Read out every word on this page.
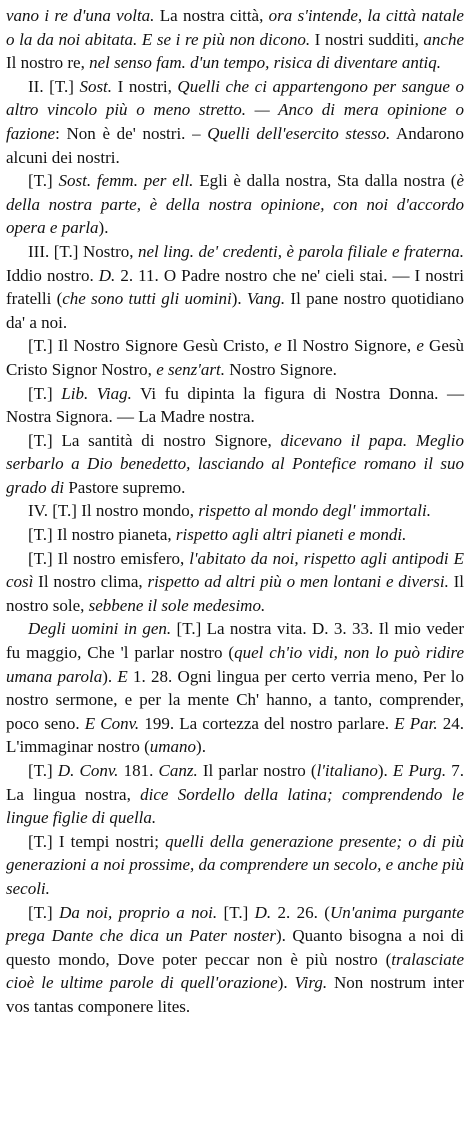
vano i re d'una volta. La nostra città, ora s'intende, la città natale o la da noi abitata. E se i re più non dicono. I nostri sudditi, anche Il nostro re, nel senso fam. d'un tempo, risica di diventare antiq.

II. [T.] Sost. I nostri, Quelli che ci appartengono per sangue o altro vincolo più o meno stretto. — Anco di mera opinione o fazione: Non è de' nostri. – Quelli dell'esercito stesso. Andarono alcuni dei nostri.

[T.] Sost. femm. per ell. Egli è dalla nostra, Sta dalla nostra (è della nostra parte, è della nostra opinione, con noi d'accordo opera e parla).

III. [T.] Nostro, nel ling. de' credenti, è parola filiale e fraterna. Iddio nostro. D. 2. 11. O Padre nostro che ne' cieli stai. — I nostri fratelli (che sono tutti gli uomini). Vang. Il pane nostro quotidiano da' a noi.

[T.] Il Nostro Signore Gesù Cristo, e Il Nostro Signore, e Gesù Cristo Signor Nostro, e senz'art. Nostro Signore.

[T.] Lib. Viag. Vi fu dipinta la figura di Nostra Donna. — Nostra Signora. — La Madre nostra.

[T.] La santità di nostro Signore, dicevano il papa. Meglio serbarlo a Dio benedetto, lasciando al Pontefice romano il suo grado di Pastore supremo.

IV. [T.] Il nostro mondo, rispetto al mondo degl' immortali.

[T.] Il nostro pianeta, rispetto agli altri pianeti e mondi.

[T.] Il nostro emisfero, l'abitato da noi, rispetto agli antipodi E così Il nostro clima, rispetto ad altri più o men lontani e diversi. Il nostro sole, sebbene il sole medesimo.

Degli uomini in gen. [T.] La nostra vita. D. 3. 33. Il mio veder fu maggio, Che 'l parlar nostro (quel ch'io vidi, non lo può ridire umana parola). E 1. 28. Ogni lingua per certo verria meno, Per lo nostro sermone, e per la mente Ch' hanno, a tanto, comprender, poco seno. E Conv. 199. La cortezza del nostro parlare. E Par. 24. L'immaginar nostro (umano).

[T.] D. Conv. 181. Canz. Il parlar nostro (l'italiano). E Purg. 7. La lingua nostra, dice Sordello della latina; comprendendo le lingue figlie di quella.

[T.] I tempi nostri; quelli della generazione presente; o di più generazioni a noi prossime, da comprendere un secolo, e anche più secoli.

[T.] Da noi, proprio a noi. [T.] D. 2. 26. (Un'anima purgante prega Dante che dica un Pater noster). Quanto bisogna a noi di questo mondo, Dove poter peccar non è più nostro (tralasciate cioè le ultime parole di quell'orazione). Virg. Non nostrum inter vos tantas componere lites.
